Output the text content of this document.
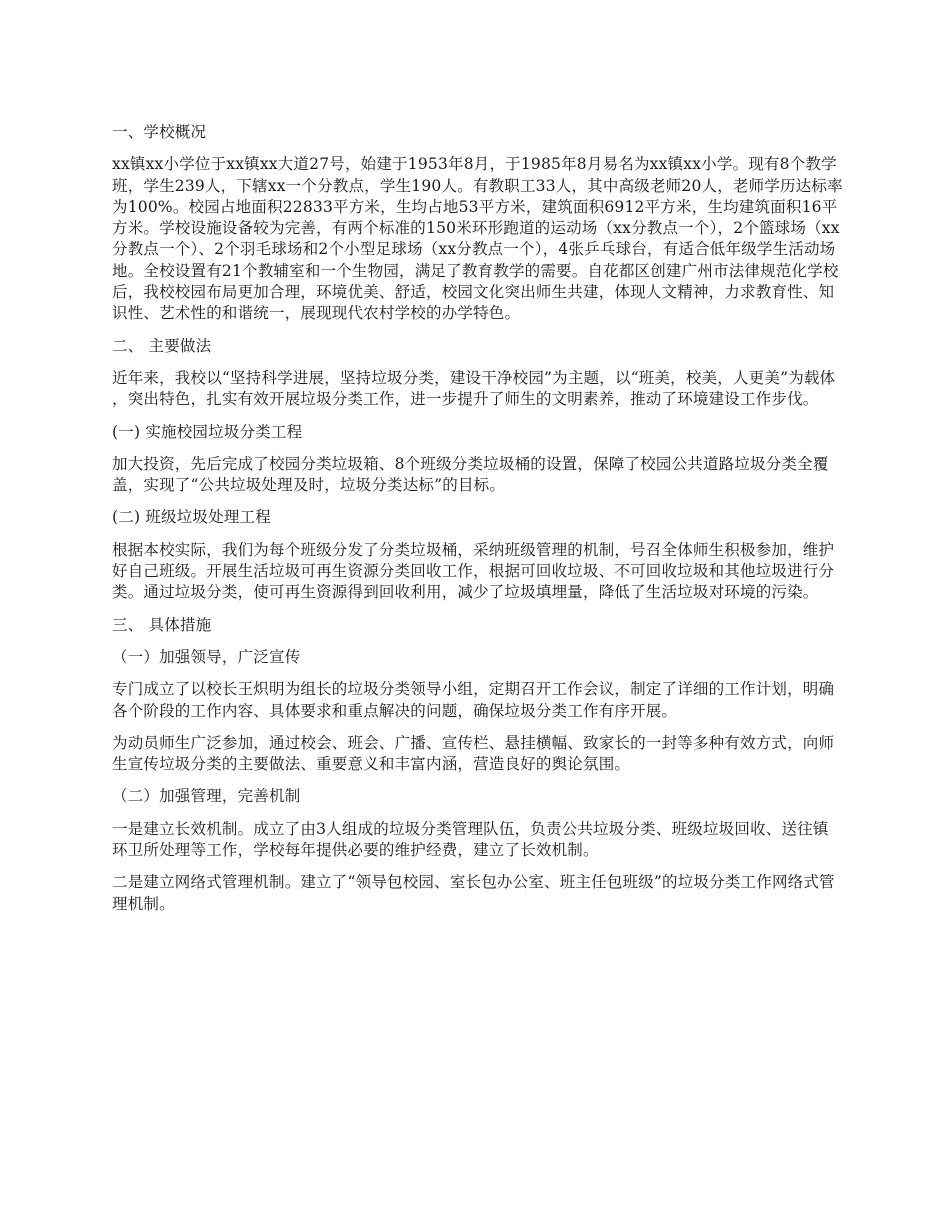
一、学校概况

xx镇xx小学位于xx镇xx大道27号，始建于1953年8月，于1985年8月易名为xx镇xx小学。现有8个教学班，学生239人，下辖xx一个分教点，学生190人。有教职工33人，其中高级老师20人，老师学历达标率为100%。校园占地面积22833平方米，生均占地53平方米，建筑面积6912平方米，生均建筑面积16平方米。学校设施设备较为完善，有两个标准的150米环形跑道的运动场（xx分教点一个），2个篮球场（xx分教点一个）、2个羽毛球场和2个小型足球场（xx分教点一个），4张乒乓球台，有适合低年级学生活动场地。全校设置有21个教辅室和一个生物园，满足了教育教学的需要。自花都区创建广州市法律规范化学校后，我校校园布局更加合理，环境优美、舒适，校园文化突出师生共建，体现人文精神，力求教育性、知识性、艺术性的和谐统一，展现现代农村学校的办学特色。

二、 主要做法

近年来，我校以“坚持科学进展，坚持垃圾分类，建设干净校园”为主题，以“班美，校美，人更美”为载体，突出特色，扎实有效开展垃圾分类工作，进一步提升了师生的文明素养，推动了环境建设工作步伐。

(一) 实施校园垃圾分类工程

加大投资，先后完成了校园分类垃圾箱、8个班级分类垃圾桶的设置，保障了校园公共道路垃圾分类全覆盖，实现了“公共垃圾处理及时，垃圾分类达标”的目标。

(二) 班级垃圾处理工程

根据本校实际，我们为每个班级分发了分类垃圾桶，采纳班级管理的机制，号召全体师生积极参加，维护好自己班级。开展生活垃圾可再生资源分类回收工作，根据可回收垃圾、不可回收垃圾和其他垃圾进行分类。通过垃圾分类，使可再生资源得到回收利用，减少了垃圾填埋量，降低了生活垃圾对环境的污染。

三、 具体措施

（一）加强领导，广泛宣传

专门成立了以校长王炽明为组长的垃圾分类领导小组，定期召开工作会议，制定了详细的工作计划，明确各个阶段的工作内容、具体要求和重点解决的问题，确保垃圾分类工作有序开展。

为动员师生广泛参加，通过校会、班会、广播、宣传栏、悬挂横幅、致家长的一封等多种有效方式，向师生宣传垃圾分类的主要做法、重要意义和丰富内涵，营造良好的舆论氛围。

（二）加强管理，完善机制

一是建立长效机制。成立了由3人组成的垃圾分类管理队伍，负责公共垃圾分类、班级垃圾回收、送往镇环卫所处理等工作，学校每年提供必要的维护经费，建立了长效机制。

二是建立网络式管理机制。建立了“领导包校园、室长包办公室、班主任包班级”的垃圾分类工作网络式管理机制。
